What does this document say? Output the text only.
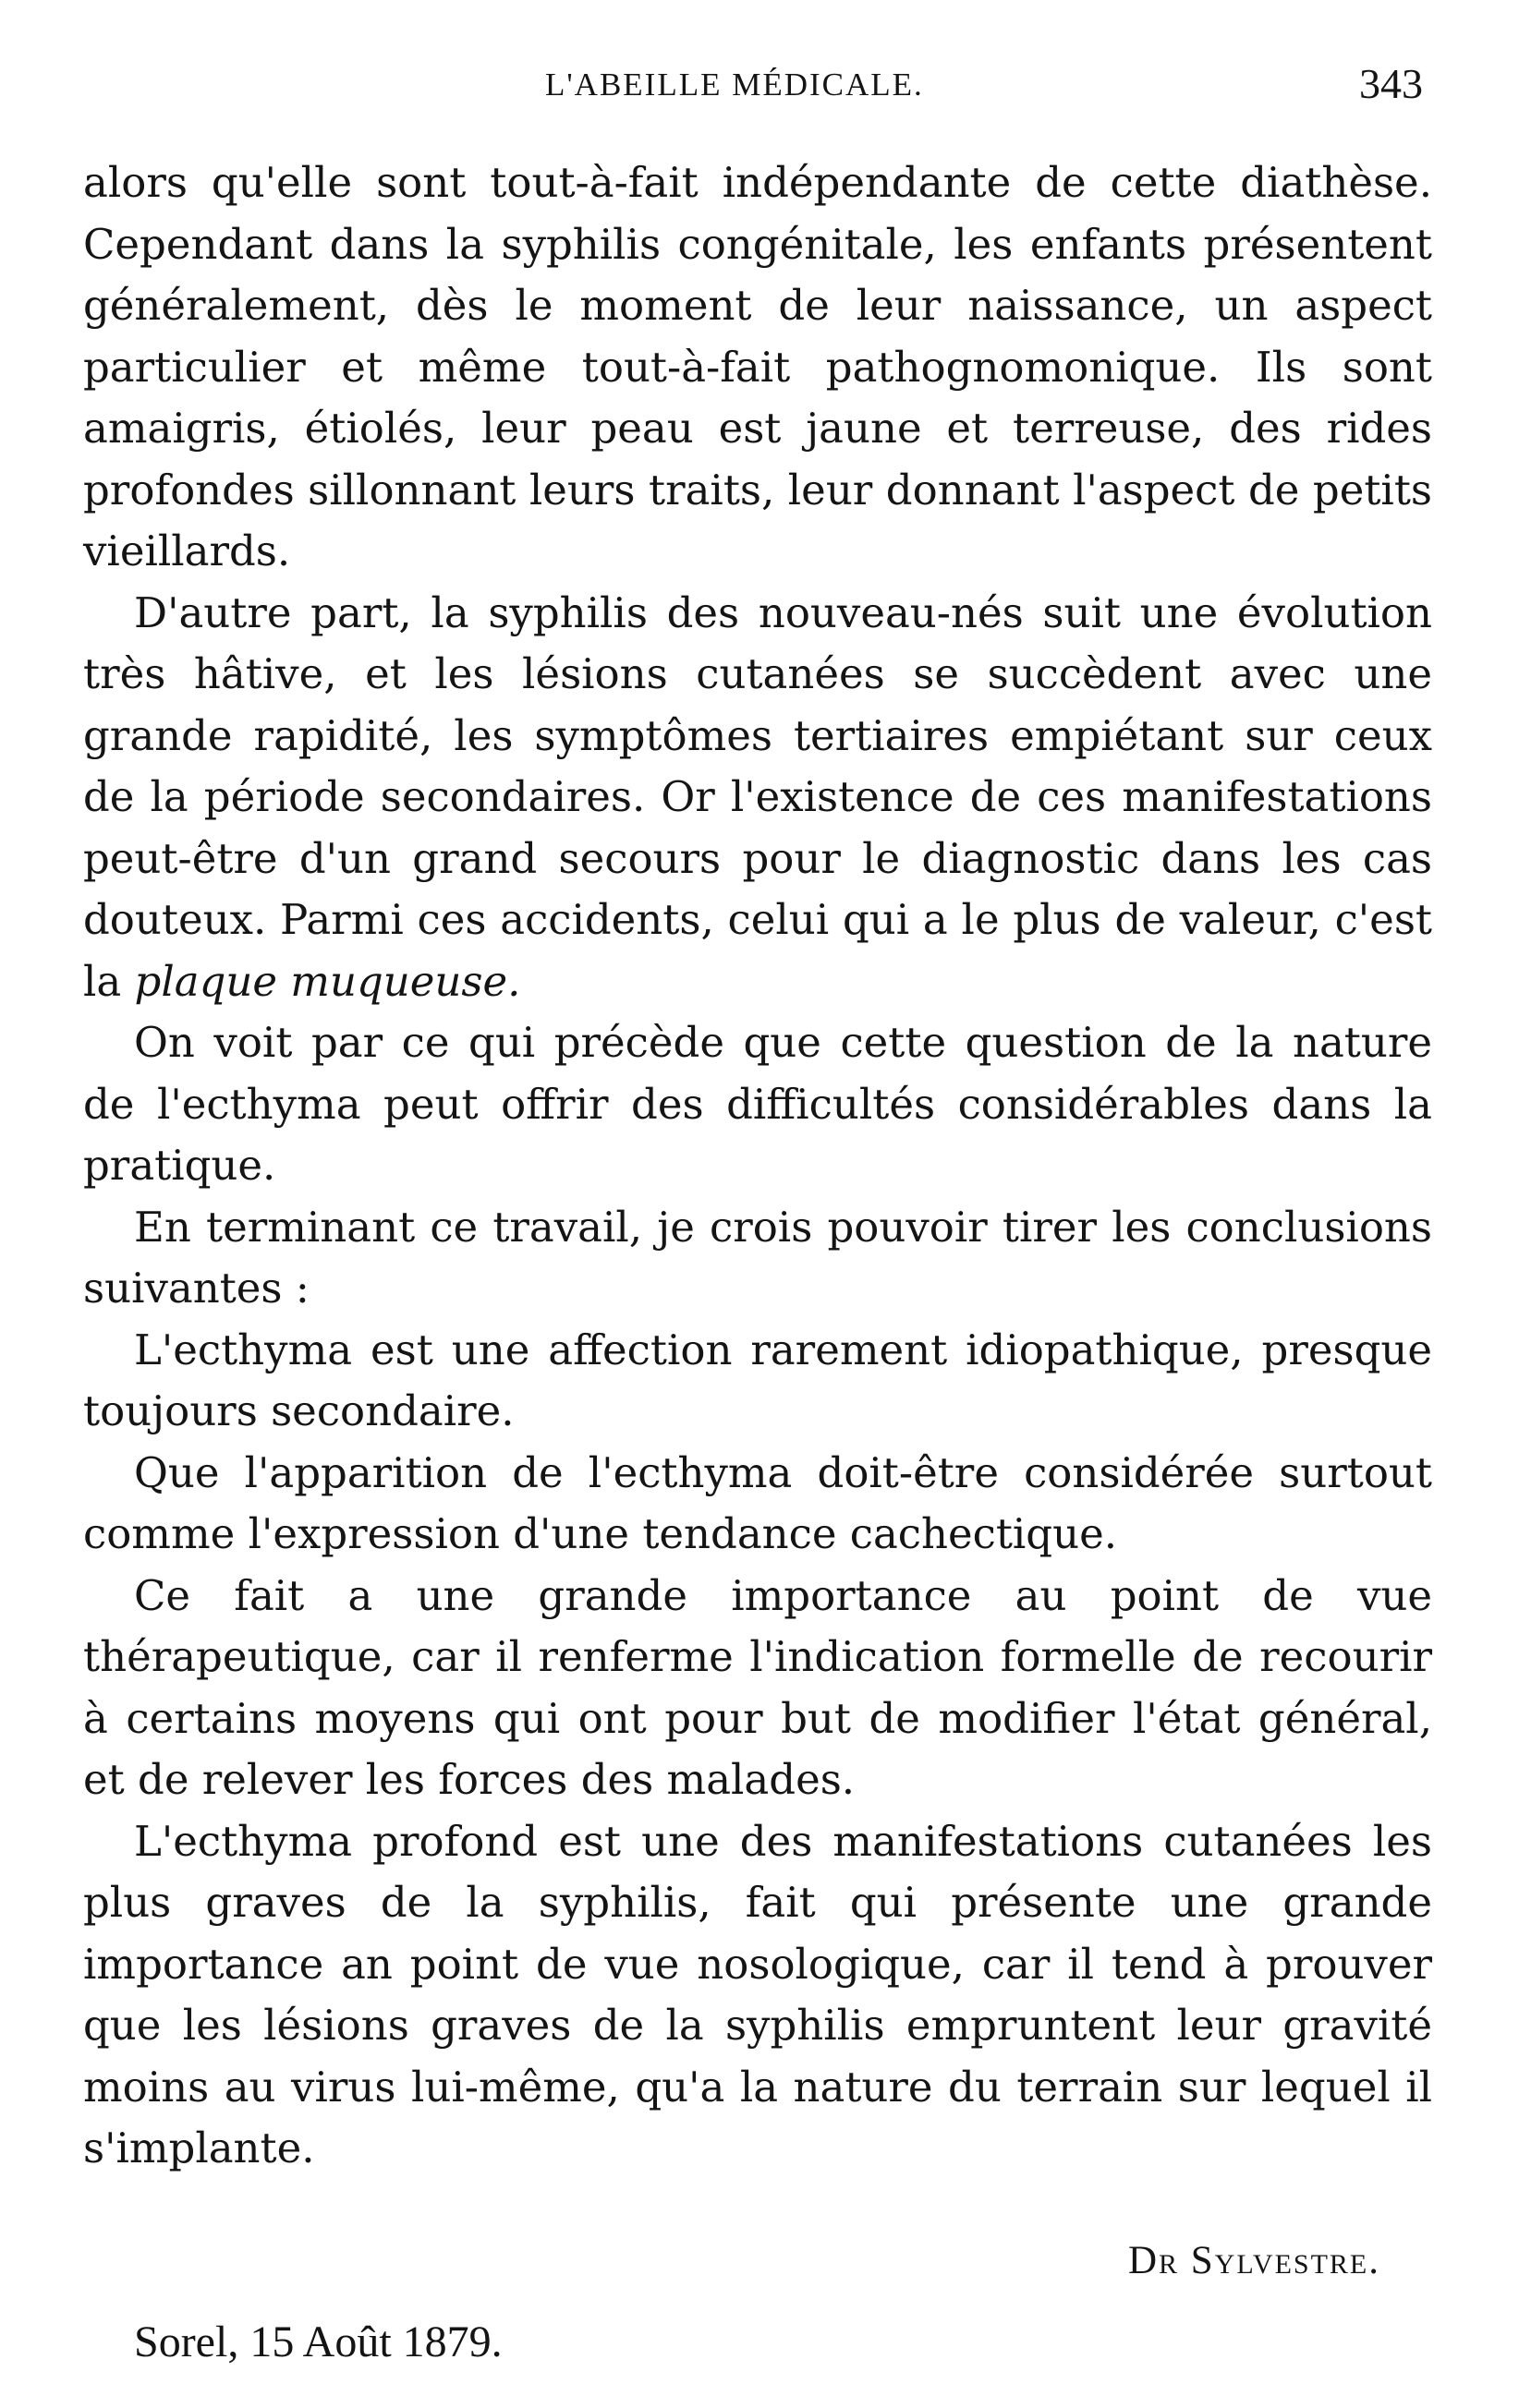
L'ABEILLE MÉDICALE.	343

alors qu'elle sont tout-à-fait indépendante de cette diathèse. Cependant dans la syphilis congénitale, les enfants présentent généralement, dès le moment de leur naissance, un aspect particulier et même tout-à-fait pathognomonique. Ils sont amaigris, étiolés, leur peau est jaune et terreuse, des rides profondes sillonnant leurs traits, leur donnant l'aspect de petits vieillards.

D'autre part, la syphilis des nouveau-nés suit une évolution très hâtive, et les lésions cutanées se succèdent avec une grande rapidité, les symptômes tertiaires empiétant sur ceux de la période secondaires. Or l'existence de ces manifestations peut-être d'un grand secours pour le diagnostic dans les cas douteux. Parmi ces accidents, celui qui a le plus de valeur, c'est la plaque muqueuse.

On voit par ce qui précède que cette question de la nature de l'ecthyma peut offrir des difficultés considérables dans la pratique.

En terminant ce travail, je crois pouvoir tirer les conclusions suivantes :

L'ecthyma est une affection rarement idiopathique, presque toujours secondaire.

Que l'apparition de l'ecthyma doit-être considérée surtout comme l'expression d'une tendance cachectique.

Ce fait a une grande importance au point de vue thérapeutique, car il renferme l'indication formelle de recourir à certains moyens qui ont pour but de modifier l'état général, et de relever les forces des malades.

L'ecthyma profond est une des manifestations cutanées les plus graves de la syphilis, fait qui présente une grande importance an point de vue nosologique, car il tend à prouver que les lésions graves de la syphilis empruntent leur gravité moins au virus lui-même, qu'a la nature du terrain sur lequel il s'implante.

Dr Sylvestre.
Sorel, 15 Août 1879.
